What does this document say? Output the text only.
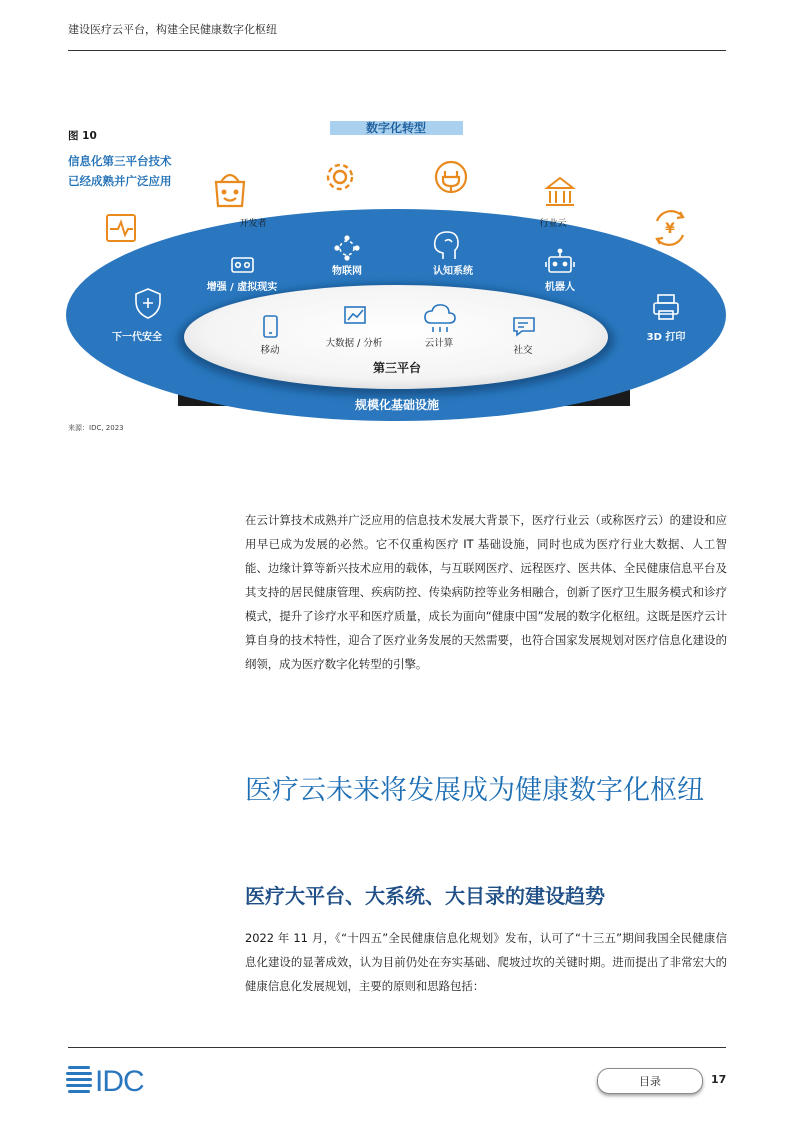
建设医疗云平台，构建全民健康数字化枢纽
图 10
信息化第三平台技术
已经成熟并广泛应用
数字化转型
开发者	行业云	¥
物联网	认知系统
增强 / 虚拟现实	机器人
下一代安全	3D 打印
移动
大数据 / 分析	云计算
社交
第三平台
规模化基础设施
来源：IDC, 2023
在云计算技术成熟并广泛应用的信息技术发展大背景下，医疗行业云（或称医疗云）的建设和应用早已成为发展的必然。它不仅重构医疗 IT 基础设施，同时也成为医疗行业大数据、人工智能、边缘计算等新兴技术应用的载体，与互联网医疗、远程医疗、医共体、全民健康信息平台及其支持的居民健康管理、疾病防控、传染病防控等业务相融合，创新了医疗卫生服务模式和诊疗模式，提升了诊疗水平和医疗质量，成长为面向“健康中国”发展的数字化枢纽。这既是医疗云计算自身的技术特性，迎合了医疗业务发展的天然需要，也符合国家发展规划对医疗信息化建设的纲领，成为医疗数字化转型的引擎。
医疗云未来将发展成为健康数字化枢纽
医疗大平台、大系统、大目录的建设趋势
2022 年 11 月，《“十四五”全民健康信息化规划》发布，认可了“十三五”期间我国全民健康信息化建设的显著成效，认为目前仍处在夯实基础、爬坡过坎的关键时期。进而提出了非常宏大的健康信息化发展规划，主要的原则和思路包括：
IDC	目录	17
